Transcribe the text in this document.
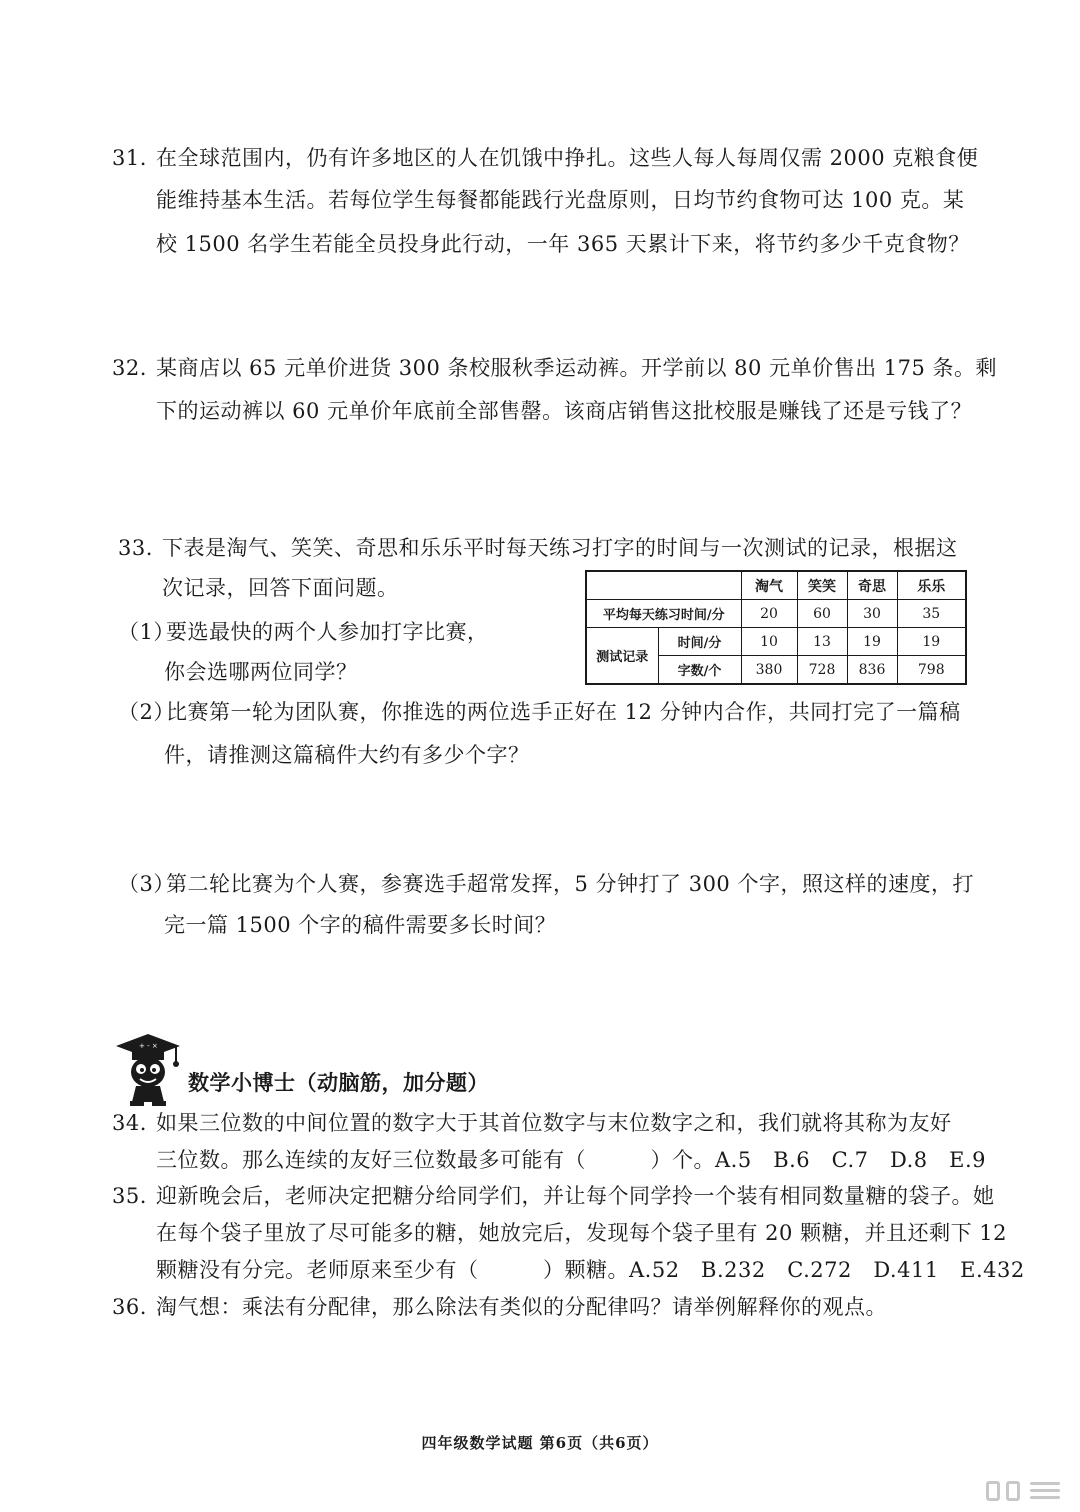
31. 在全球范围内，仍有许多地区的人在饥饿中挣扎。这些人每人每周仅需 2000 克粮食便
能维持基本生活。若每位学生每餐都能践行光盘原则，日均节约食物可达 100 克。某
校 1500 名学生若能全员投身此行动，一年 365 天累计下来，将节约多少千克食物？
32. 某商店以 65 元单价进货 300 条校服秋季运动裤。开学前以 80 元单价售出 175 条。剩
下的运动裤以 60 元单价年底前全部售罄。该商店销售这批校服是赚钱了还是亏钱了？
33. 下表是淘气、笑笑、奇思和乐乐平时每天练习打字的时间与一次测试的记录，根据这
次记录，回答下面问题。
（1）要选最快的两个人参加打字比赛，
你会选哪两位同学？
（2）比赛第一轮为团队赛，你推选的两位选手正好在 12 分钟内合作，共同打完了一篇稿
件，请推测这篇稿件大约有多少个字？
（3）第二轮比赛为个人赛，参赛选手超常发挥，5 分钟打了 300 个字，照这样的速度，打
完一篇 1500 个字的稿件需要多长时间？
		淘气	笑笑	奇思	乐乐
平均每天练习时间/分		20	60	30	35
测试记录	时间/分	10	13	19	19
	字数/个	380	728	836	798
+ - ×
数学小博士（动脑筋，加分题）
34. 如果三位数的中间位置的数字大于其首位数字与末位数字之和，我们就将其称为友好
三位数。那么连续的友好三位数最多可能有（　　　）个。A.5　B.6　C.7　D.8　E.9
35. 迎新晚会后，老师决定把糖分给同学们，并让每个同学拎一个装有相同数量糖的袋子。她
在每个袋子里放了尽可能多的糖，她放完后，发现每个袋子里有 20 颗糖，并且还剩下 12
颗糖没有分完。老师原来至少有（　　　）颗糖。A.52　B.232　C.272　D.411　E.432
36. 淘气想：乘法有分配律，那么除法有类似的分配律吗？请举例解释你的观点。
四年级数学试题 第6页（共6页）
